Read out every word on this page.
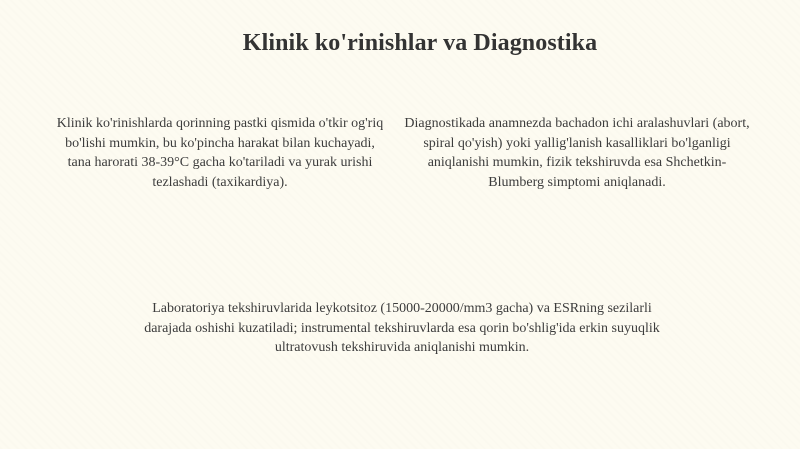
Klinik ko'rinishlar va Diagnostika
Klinik ko'rinishlarda qorinning pastki qismida o'tkir og'riq bo'lishi mumkin, bu ko'pincha harakat bilan kuchayadi, tana harorati 38-39°C gacha ko'tariladi va yurak urishi tezlashadi (taxikardiya).
Diagnostikada anamnezda bachadon ichi aralashuvlari (abort, spiral qo'yish) yoki yallig'lanish kasalliklari bo'lganligi aniqlanishi mumkin, fizik tekshiruvda esa Shchetkin-Blumberg simptomi aniqlanadi.
Laboratoriya tekshiruvlarida leykotsitoz (15000-20000/mm3 gacha) va ESRning sezilarli darajada oshishi kuzatiladi; instrumental tekshiruvlarda esa qorin bo'shlig'ida erkin suyuqlik ultratovush tekshiruvida aniqlanishi mumkin.
